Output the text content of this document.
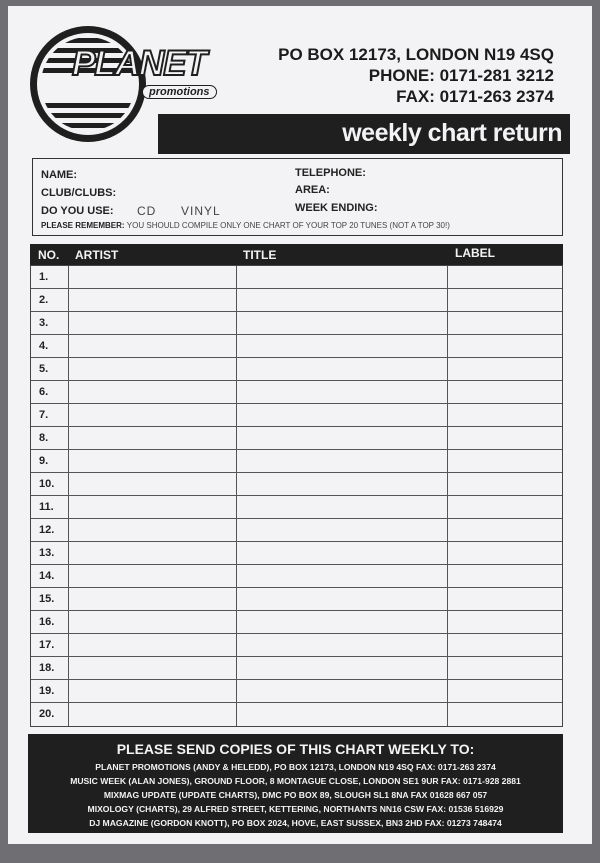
PLANET
promotions
PO BOX 12173, LONDON N19 4SQ
PHONE: 0171-281 3212
FAX: 0171-263 2374
weekly chart return
NAME:	TELEPHONE:
CLUB/CLUBS:	AREA:
DO YOU USE: CD VINYL	WEEK ENDING:
PLEASE REMEMBER: YOU SHOULD COMPILE ONLY ONE CHART OF YOUR TOP 20 TUNES (NOT A TOP 30!)
NO. ARTIST	TITLE	LABEL
1.
2.
3.
4.
5.
6.
7.
8.
9.
10.
11.
12.
13.
14.
15.
16.
17.
18.
19.
20.
PLEASE SEND COPIES OF THIS CHART WEEKLY TO:
PLANET PROMOTIONS (ANDY & HELEDD), PO BOX 12173, LONDON N19 4SQ FAX: 0171-263 2374
MUSIC WEEK (ALAN JONES), GROUND FLOOR, 8 MONTAGUE CLOSE, LONDON SE1 9UR FAX: 0171-928 2881
MIXMAG UPDATE (UPDATE CHARTS), DMC PO BOX 89, SLOUGH SL1 8NA FAX 01628 667 057
MIXOLOGY (CHARTS), 29 ALFRED STREET, KETTERING, NORTHANTS NN16 CSW FAX: 01536 516929
DJ MAGAZINE (GORDON KNOTT), PO BOX 2024, HOVE, EAST SUSSEX, BN3 2HD FAX: 01273 748474
